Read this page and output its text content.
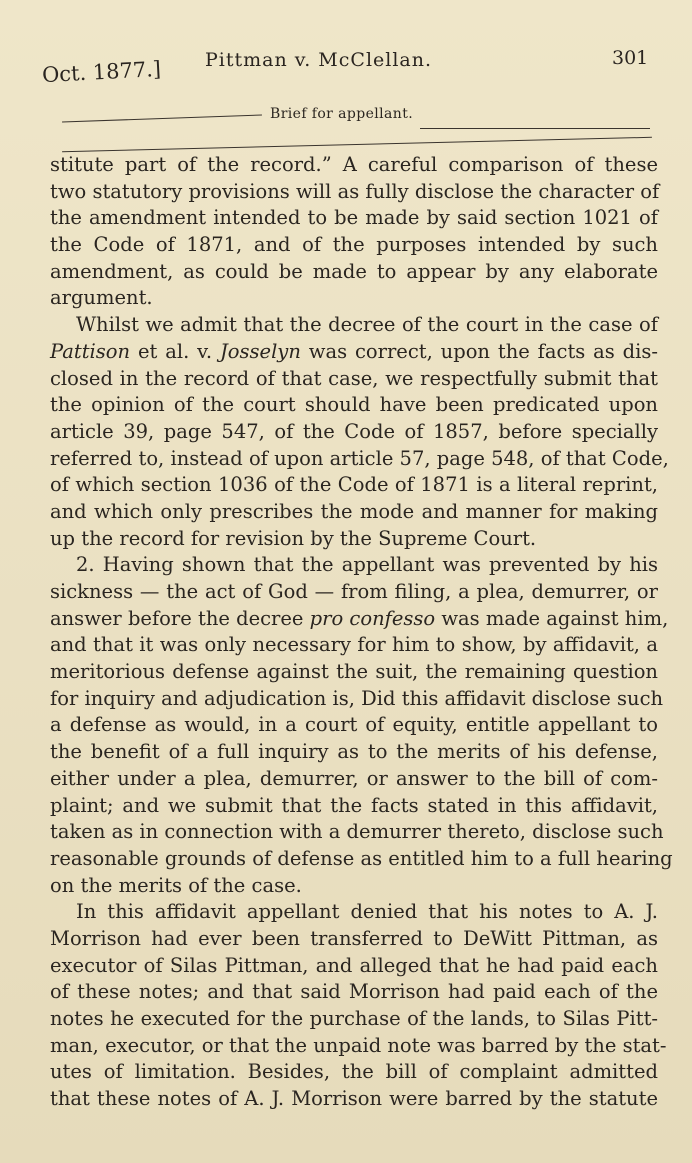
Oct. 1877.] Pittman v. McClellan.	301
Brief for appellant.
stitute part of the record.” A careful comparison of these
two statutory provisions will as fully disclose the character of
the amendment intended to be made by said section 1021 of
the Code of 1871, and of the purposes intended by such
amendment, as could be made to appear by any elaborate
argument.
Whilst we admit that the decree of the court in the case of
Pattison et al. v. Josselyn was correct, upon the facts as dis-
closed in the record of that case, we respectfully submit that
the opinion of the court should have been predicated upon
article 39, page 547, of the Code of 1857, before specially
referred to, instead of upon article 57, page 548, of that Code,
of which section 1036 of the Code of 1871 is a literal reprint,
and which only prescribes the mode and manner for making
up the record for revision by the Supreme Court.
2. Having shown that the appellant was prevented by his
sickness — the act of God — from filing, a plea, demurrer, or
answer before the decree pro confesso was made against him,
and that it was only necessary for him to show, by affidavit, a
meritorious defense against the suit, the remaining question
for inquiry and adjudication is, Did this affidavit disclose such
a defense as would, in a court of equity, entitle appellant to
the benefit of a full inquiry as to the merits of his defense,
either under a plea, demurrer, or answer to the bill of com-
plaint; and we submit that the facts stated in this affidavit,
taken as in connection with a demurrer thereto, disclose such
reasonable grounds of defense as entitled him to a full hearing
on the merits of the case.
In this affidavit appellant denied that his notes to A. J.
Morrison had ever been transferred to DeWitt Pittman, as
executor of Silas Pittman, and alleged that he had paid each
of these notes; and that said Morrison had paid each of the
notes he executed for the purchase of the lands, to Silas Pitt-
man, executor, or that the unpaid note was barred by the stat-
utes of limitation. Besides, the bill of complaint admitted
that these notes of A. J. Morrison were barred by the statute
